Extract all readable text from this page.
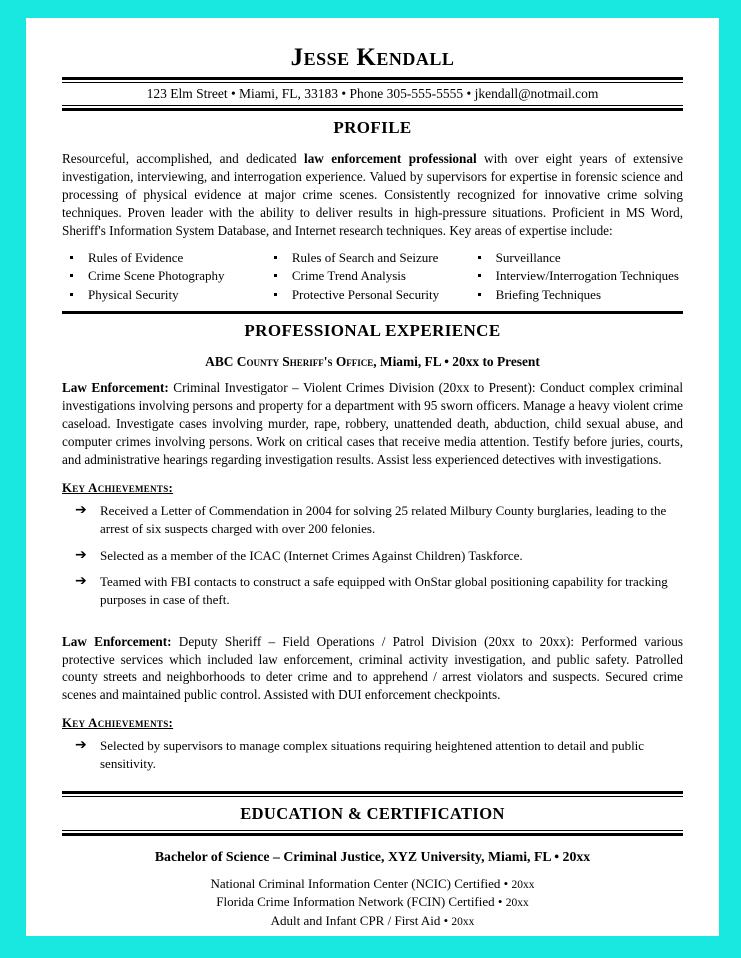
Jesse Kendall
123 Elm Street • Miami, FL, 33183 • Phone 305-555-5555 • jkendall@notmail.com
PROFILE
Resourceful, accomplished, and dedicated law enforcement professional with over eight years of extensive investigation, interviewing, and interrogation experience. Valued by supervisors for expertise in forensic science and processing of physical evidence at major crime scenes. Consistently recognized for innovative crime solving techniques. Proven leader with the ability to deliver results in high-pressure situations. Proficient in MS Word, Sheriff's Information System Database, and Internet research techniques. Key areas of expertise include:
Rules of Evidence
Crime Scene Photography
Physical Security
Rules of Search and Seizure
Crime Trend Analysis
Protective Personal Security
Surveillance
Interview/Interrogation Techniques
Briefing Techniques
PROFESSIONAL EXPERIENCE
ABC County Sheriff's Office, Miami, FL • 20xx to Present
Law Enforcement: Criminal Investigator – Violent Crimes Division (20xx to Present): Conduct complex criminal investigations involving persons and property for a department with 95 sworn officers. Manage a heavy violent crime caseload. Investigate cases involving murder, rape, robbery, unattended death, abduction, child sexual abuse, and computer crimes involving persons. Work on critical cases that receive media attention. Testify before juries, courts, and administrative hearings regarding investigation results. Assist less experienced detectives with investigations.
Key Achievements:
➔ Received a Letter of Commendation in 2004 for solving 25 related Milbury County burglaries, leading to the arrest of six suspects charged with over 200 felonies.
➔ Selected as a member of the ICAC (Internet Crimes Against Children) Taskforce.
➔ Teamed with FBI contacts to construct a safe equipped with OnStar global positioning capability for tracking purposes in case of theft.
Law Enforcement: Deputy Sheriff – Field Operations / Patrol Division (20xx to 20xx): Performed various protective services which included law enforcement, criminal activity investigation, and public safety. Patrolled county streets and neighborhoods to deter crime and to apprehend / arrest violators and suspects. Secured crime scenes and maintained public control. Assisted with DUI enforcement checkpoints.
Key Achievements:
➔ Selected by supervisors to manage complex situations requiring heightened attention to detail and public sensitivity.
EDUCATION & CERTIFICATION
Bachelor of Science – Criminal Justice, XYZ University, Miami, FL • 20xx
National Criminal Information Center (NCIC) Certified • 20xx
Florida Crime Information Network (FCIN) Certified • 20xx
Adult and Infant CPR / First Aid • 20xx
